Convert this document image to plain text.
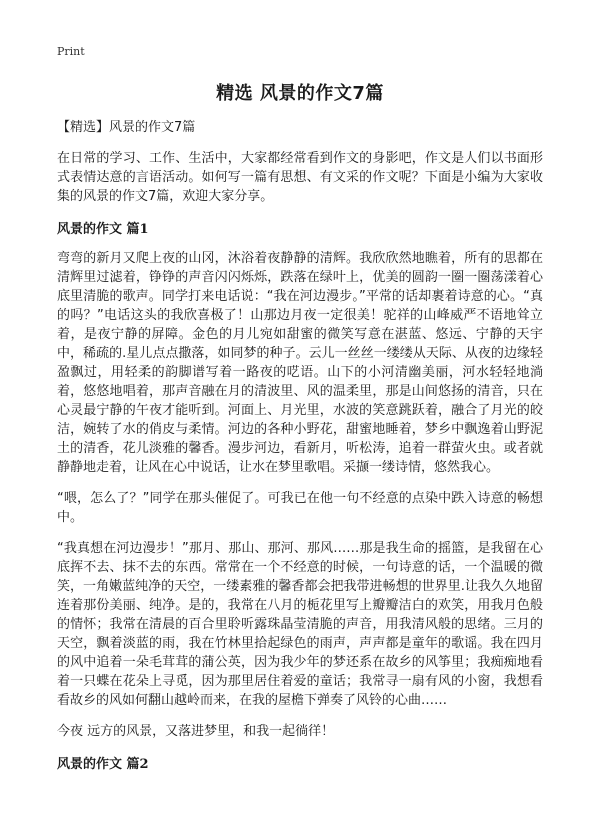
Print
精选 风景的作文7篇
【精选】风景的作文7篇
在日常的学习、工作、生活中，大家都经常看到作文的身影吧，作文是人们以书面形式表情达意的言语活动。如何写一篇有思想、有文采的作文呢？下面是小编为大家收集的风景的作文7篇，欢迎大家分享。
风景的作文 篇1
弯弯的新月又爬上夜的山冈，沐浴着夜静静的清辉。我欣欣然地瞧着，所有的思都在清辉里过滤着，铮铮的声音闪闪烁烁，跌落在绿叶上，优美的圆韵一圈一圈荡漾着心底里清脆的歌声。同学打来电话说：“我在河边漫步。”平常的话却裹着诗意的心。“真的吗？”电话这头的我欣喜极了！山那边月夜一定很美！驼祥的山峰威严不语地耸立着，是夜宁静的屏障。金色的月儿宛如甜蜜的微笑写意在湛蓝、悠远、宁静的天宇中，稀疏的.星儿点点撒落，如同梦的种子。云儿一丝丝一缕缕从天际、从夜的边缘轻盈飘过，用轻柔的韵脚谱写着一路夜的呓语。山下的小河清幽美丽，河水轻轻地淌着，悠悠地唱着，那声音融在月的清波里、风的温柔里，那是山间悠扬的清音，只在心灵最宁静的午夜才能听到。河面上、月光里，水波的笑意跳跃着，融合了月光的皎洁，婉转了水的俏皮与柔情。河边的各种小野花，甜蜜地睡着，梦乡中飘逸着山野泥土的清香，花儿淡雅的馨香。漫步河边，看新月，听松涛，追着一群萤火虫。或者就静静地走着，让风在心中说话，让水在梦里歌唱。采撷一缕诗情，悠然我心。
“喂，怎么了？”同学在那头催促了。可我已在他一句不经意的点染中跌入诗意的畅想中。
“我真想在河边漫步！”那月、那山、那河、那风……那是我生命的摇篮，是我留在心底挥不去、抹不去的东西。常常在一个不经意的时候，一句诗意的话，一个温暖的微笑，一角嫩蓝纯净的天空，一缕素雅的馨香都会把我带进畅想的世界里.让我久久地留连着那份美丽、纯净。是的，我常在八月的栀花里写上瓣瓣洁白的欢笑，用我月色般的情怀；我常在清晨的百合里聆听露珠晶莹清脆的声音，用我清风般的思绪。三月的天空，飘着淡蓝的雨，我在竹林里拾起绿色的雨声，声声都是童年的歌谣。我在四月的风中追着一朵毛茸茸的蒲公英，因为我少年的梦还系在故乡的风筝里；我痴痴地看着一只蝶在花朵上寻觅，因为那里居住着爱的童话；我常寻一扇有风的小窗，我想看看故乡的风如何翻山越岭而来，在我的屋檐下弹奏了风铃的心曲……
今夜 远方的风景，又落进梦里，和我一起徜徉！
风景的作文 篇2
